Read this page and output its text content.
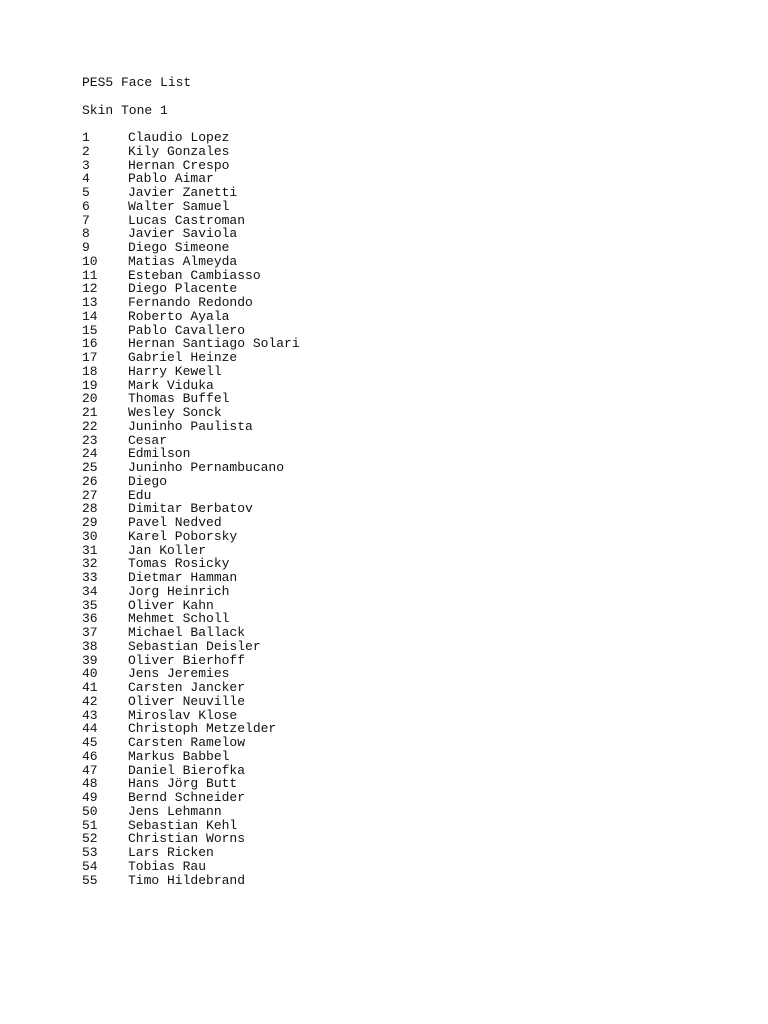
PES5 Face List
Skin Tone 1
1	Claudio Lopez
2	Kily Gonzales
3	Hernan Crespo
4	Pablo Aimar
5	Javier Zanetti
6	Walter Samuel
7	Lucas Castroman
8	Javier Saviola
9	Diego Simeone
10	Matias Almeyda
11	Esteban Cambiasso
12	Diego Placente
13	Fernando Redondo
14	Roberto Ayala
15	Pablo Cavallero
16	Hernan Santiago Solari
17	Gabriel Heinze
18	Harry Kewell
19	Mark Viduka
20	Thomas Buffel
21	Wesley Sonck
22	Juninho Paulista
23	Cesar
24	Edmilson
25	Juninho Pernambucano
26	Diego
27	Edu
28	Dimitar Berbatov
29	Pavel Nedved
30	Karel Poborsky
31	Jan Koller
32	Tomas Rosicky
33	Dietmar Hamman
34	Jorg Heinrich
35	Oliver Kahn
36	Mehmet Scholl
37	Michael Ballack
38	Sebastian Deisler
39	Oliver Bierhoff
40	Jens Jeremies
41	Carsten Jancker
42	Oliver Neuville
43	Miroslav Klose
44	Christoph Metzelder
45	Carsten Ramelow
46	Markus Babbel
47	Daniel Bierofka
48	Hans Jörg Butt
49	Bernd Schneider
50	Jens Lehmann
51	Sebastian Kehl
52	Christian Worns
53	Lars Ricken
54	Tobias Rau
55	Timo Hildebrand
